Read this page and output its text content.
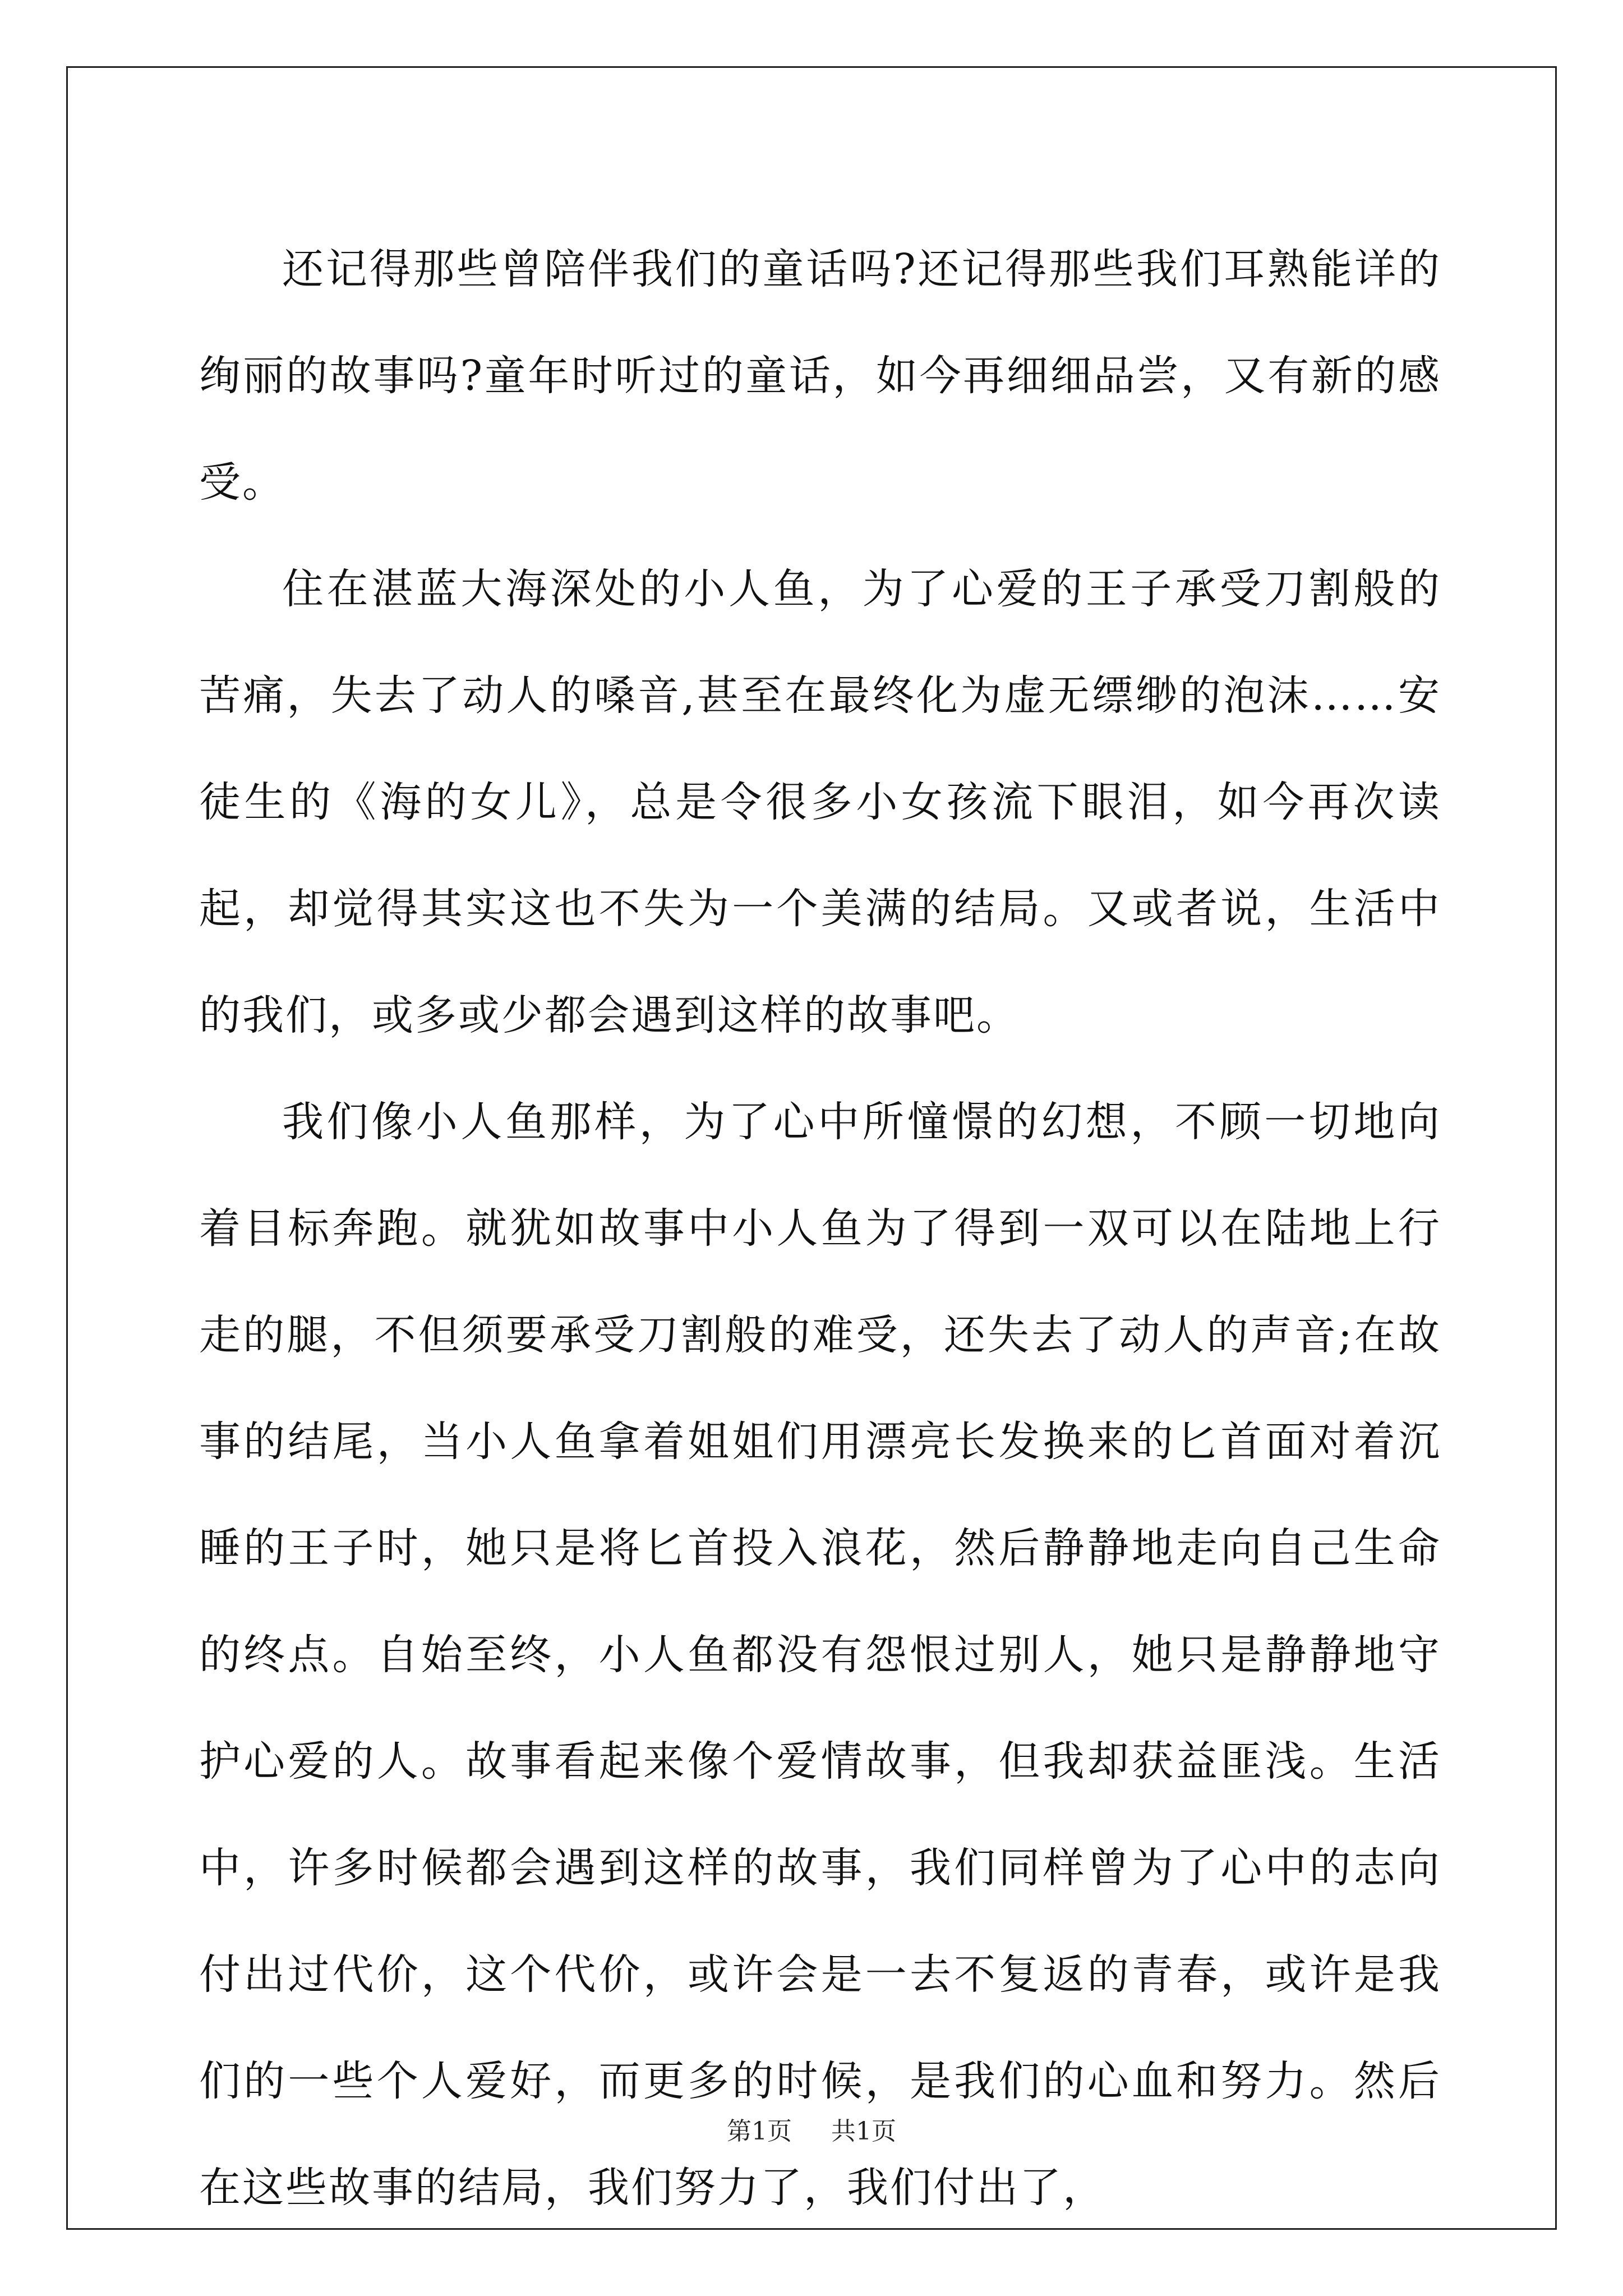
还记得那些曾陪伴我们的童话吗?还记得那些我们耳熟能详的绚丽的故事吗?童年时听过的童话，如今再细细品尝，又有新的感受。

住在湛蓝大海深处的小人鱼，为了心爱的王子承受刀割般的苦痛，失去了动人的嗓音,甚至在最终化为虚无缥缈的泡沫……安徒生的《海的女儿》，总是令很多小女孩流下眼泪，如今再次读起，却觉得其实这也不失为一个美满的结局。又或者说，生活中的我们，或多或少都会遇到这样的故事吧。

我们像小人鱼那样，为了心中所憧憬的幻想，不顾一切地向着目标奔跑。就犹如故事中小人鱼为了得到一双可以在陆地上行走的腿，不但须要承受刀割般的难受，还失去了动人的声音;在故事的结尾，当小人鱼拿着姐姐们用漂亮长发换来的匕首面对着沉睡的王子时，她只是将匕首投入浪花，然后静静地走向自己生命的终点。自始至终，小人鱼都没有怨恨过别人，她只是静静地守护心爱的人。故事看起来像个爱情故事，但我却获益匪浅。生活中，许多时候都会遇到这样的故事，我们同样曾为了心中的志向付出过代价，这个代价，或许会是一去不复返的青春，或许是我们的一些个人爱好，而更多的时候，是我们的心血和努力。然后在这些故事的结局，我们努力了，我们付出了，

第1页 共1页
